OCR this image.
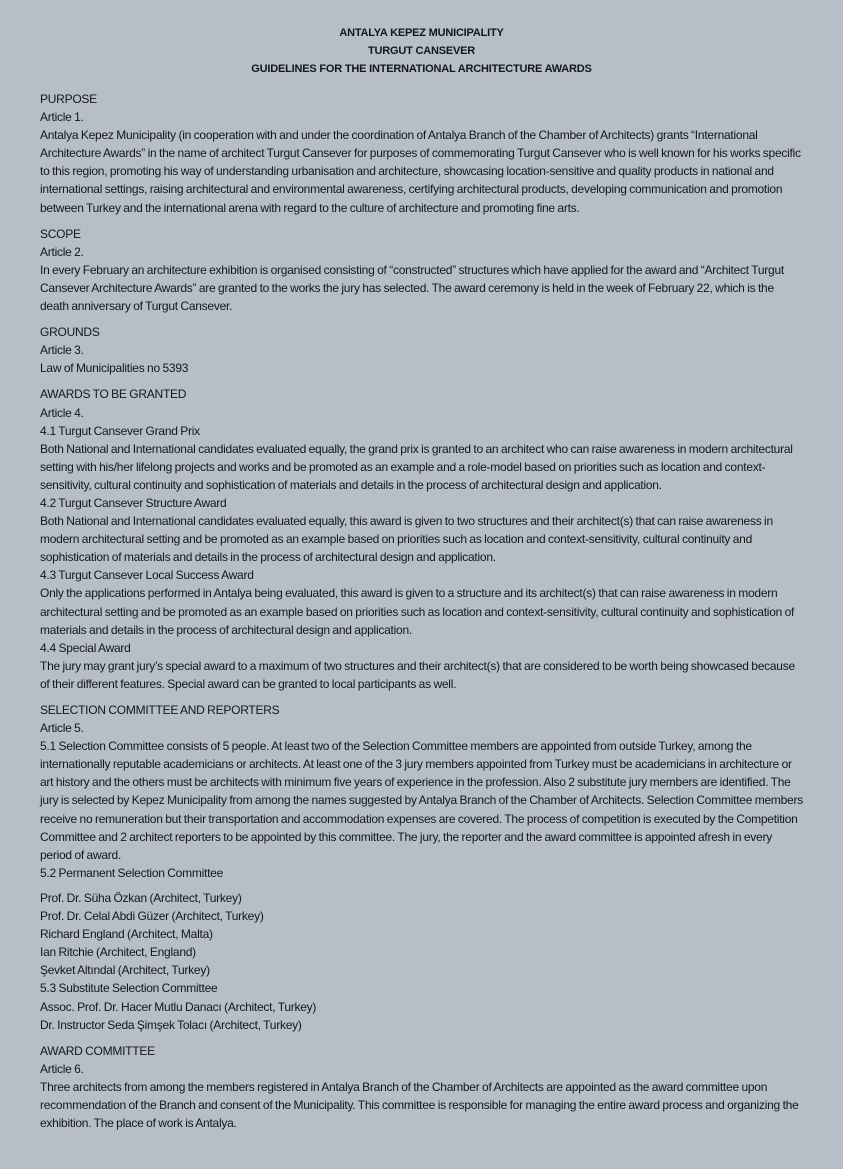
ANTALYA KEPEZ MUNICIPALITY
TURGUT CANSEVER
GUIDELINES FOR THE INTERNATIONAL ARCHITECTURE AWARDS

PURPOSE

Article 1.

Antalya Kepez Municipality (in cooperation with and under the coordination of Antalya Branch of the Chamber of Architects) grants “International Architecture Awards” in the name of architect Turgut Cansever for purposes of commemorating Turgut Cansever who is well known for his works specific to this region, promoting his way of understanding urbanisation and architecture, showcasing location-sensitive and quality products in national and international settings, raising architectural and environmental awareness, certifying architectural products, developing communication and promotion between Turkey and the international arena with regard to the culture of architecture and promoting fine arts.

SCOPE

Article 2.

In every February an architecture exhibition is organised consisting of “constructed” structures which have applied for the award and “Architect Turgut Cansever Architecture Awards” are granted to the works the jury has selected. The award ceremony is held in the week of February 22, which is the death anniversary of Turgut Cansever.

GROUNDS

Article 3.

Law of Municipalities no 5393

AWARDS TO BE GRANTED

Article 4.

4.1 Turgut Cansever Grand Prix

Both National and International candidates evaluated equally, the grand prix is granted to an architect who can raise awareness in modern architectural setting with his/her lifelong projects and works and be promoted as an example and a role-model based on priorities such as location and context-sensitivity, cultural continuity and sophistication of materials and details in the process of architectural design and application.

4.2 Turgut Cansever Structure Award

Both National and International candidates evaluated equally, this award is given to two structures and their architect(s) that can raise awareness in modern architectural setting and be promoted as an example based on priorities such as location and context-sensitivity, cultural continuity and sophistication of materials and details in the process of architectural design and application.

4.3 Turgut Cansever Local Success Award

Only the applications performed in Antalya being evaluated, this award is given to a structure and its architect(s) that can raise awareness in modern architectural setting and be promoted as an example based on priorities such as location and context-sensitivity, cultural continuity and sophistication of materials and details in the process of architectural design and application.

4.4 Special Award

The jury may grant jury’s special award to a maximum of two structures and their architect(s) that are considered to be worth being showcased because of their different features. Special award can be granted to local participants as well.

SELECTION COMMITTEE AND REPORTERS

Article 5.

5.1 Selection Committee consists of 5 people. At least two of the Selection Committee members are appointed from outside Turkey, among the internationally reputable academicians or architects. At least one of the 3 jury members appointed from Turkey must be academicians in architecture or art history and the others must be architects with minimum five years of experience in the profession. Also 2 substitute jury members are identified. The jury is selected by Kepez Municipality from among the names suggested by Antalya Branch of the Chamber of Architects. Selection Committee members receive no remuneration but their transportation and accommodation expenses are covered. The process of competition is executed by the Competition Committee and 2 architect reporters to be appointed by this committee. The jury, the reporter and the award committee is appointed afresh in every period of award.

5.2 Permanent Selection Committee

Prof. Dr. Süha Özkan (Architect, Turkey)

Prof. Dr. Celal Abdi Güzer (Architect, Turkey)

Richard England (Architect, Malta)

Ian Ritchie (Architect, England)

Şevket Altındal (Architect, Turkey)

5.3 Substitute Selection Committee

Assoc. Prof. Dr. Hacer Mutlu Danacı (Architect, Turkey)

Dr. Instructor Seda Şimşek Tolacı (Architect, Turkey)

AWARD COMMITTEE

Article 6.

Three architects from among the members registered in Antalya Branch of the Chamber of Architects are appointed as the award committee upon recommendation of the Branch and consent of the Municipality. This committee is responsible for managing the entire award process and organizing the exhibition. The place of work is Antalya.
